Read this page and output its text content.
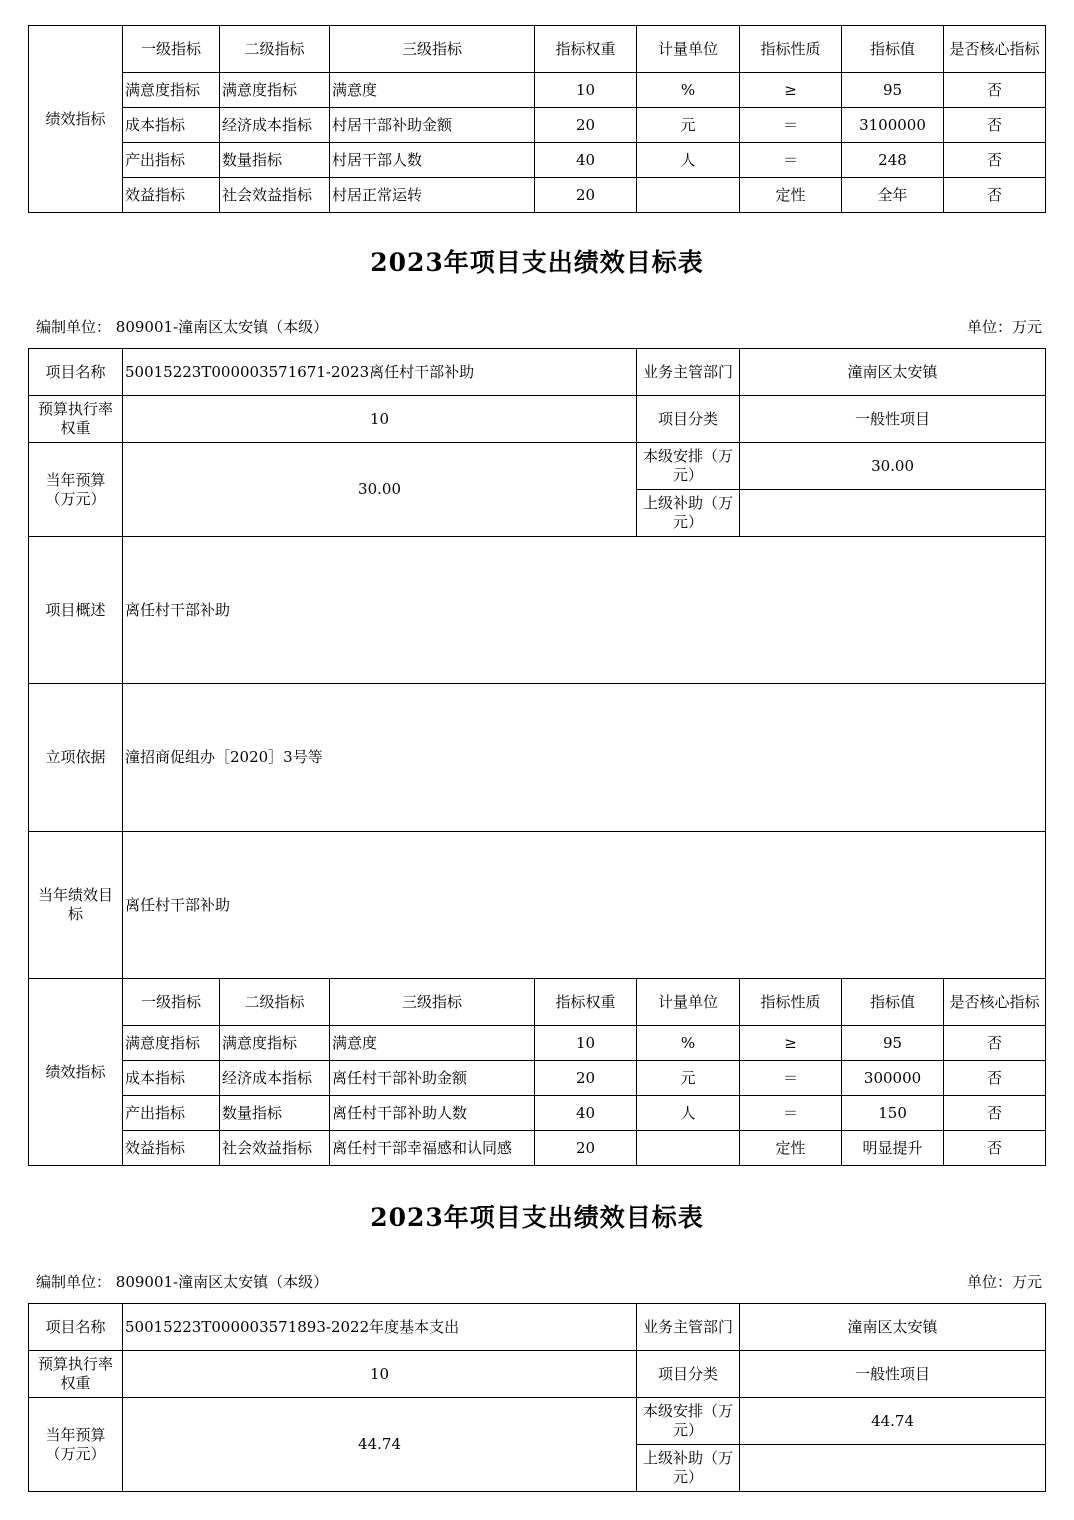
绩效指标	一级指标	二级指标	三级指标	指标权重	计量单位	指标性质	指标值	是否核心指标
	满意度指标	满意度指标	满意度	10	%	≥	95	否
	成本指标	经济成本指标	村居干部补助金额	20	元	＝	3100000	否
	产出指标	数量指标	村居干部人数	40	人	＝	248	否
	效益指标	社会效益指标	村居正常运转	20		定性	全年	否
2023年项目支出绩效目标表
编制单位： 809001-潼南区太安镇（本级）	单位：万元
项目名称	50015223T000003571671-2023离任村干部补助				业务主管部门	潼南区太安镇		
预算执行率权重	10				项目分类	一般性项目		
当年预算（万元）	30.00				本级安排（万元）	30.00		
					上级补助（万元）			
项目概述	离任村干部补助							
立项依据	潼招商促组办［2020］3号等							
当年绩效目标	离任村干部补助							
绩效指标	一级指标	二级指标	三级指标	指标权重	计量单位	指标性质	指标值	是否核心指标
	满意度指标	满意度指标	满意度	10	%	≥	95	否
	成本指标	经济成本指标	离任村干部补助金额	20	元	＝	300000	否
	产出指标	数量指标	离任村干部补助人数	40	人	＝	150	否
	效益指标	社会效益指标	离任村干部幸福感和认同感	20		定性	明显提升	否
2023年项目支出绩效目标表
编制单位： 809001-潼南区太安镇（本级）	单位：万元
项目名称	50015223T000003571893-2022年度基本支出	业务主管部门	潼南区太安镇
预算执行率权重	10	项目分类	一般性项目
当年预算（万元）	44.74	本级安排（万元）	44.74
		上级补助（万元）	
